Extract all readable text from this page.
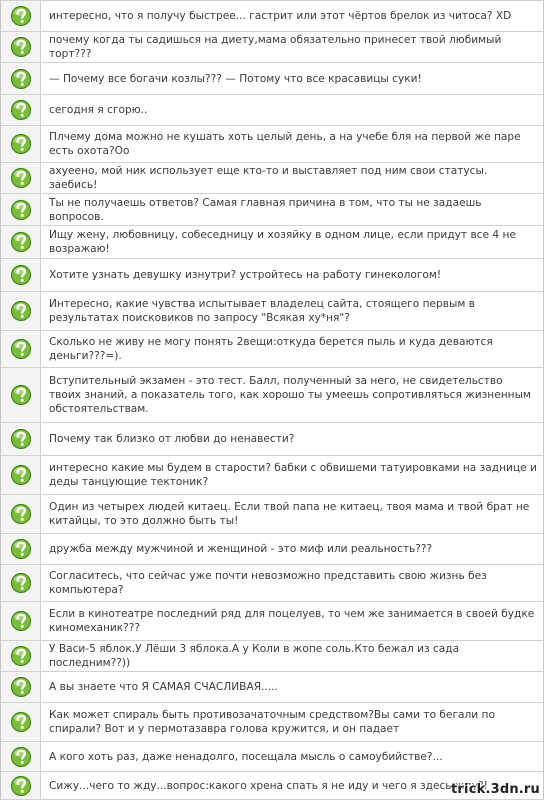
интересно, что я получу быстрее... гастрит или этот чёртов брелок из читоса? XD
почему когда ты садишься на диету,мама обязательно принесет твой любимый торт???
— Почему все богачи козлы??? — Потому что все красавицы суки!
сегодня я сгорю..
Плчему дома можно не кушать хоть целый день, а на учебе бля на первой же паре есть охота?Оо
ахуеено, мой ник использует еще кто-то и выставляет под ним свои статусы. заебись!
Ты не получаешь ответов? Самая главная причина в том, что ты не задаешь вопросов.
Ищу жену, любовницу, собеседницу и хозяйку в одном лице, если придут все 4 не возражаю!
Хотите узнать девушку изнутри? устройтесь на работу гинекологом!
Интересно, какие чувства испытывает владелец сайта, стоящего первым в результатах поисковиков по запросу "Всякая ху*ня"?
Сколько не живу не могу понять 2вещи:откуда берется пыль и куда деваются деньги???=).
Вступительный экзамен - это тест. Балл, полученный за него, не свидетельство твоих знаний, а показатель того, как хорошо ты умеешь сопротивляться жизненным обстоятельствам.
Почему так близко от любви до ненавести?
интересно какие мы будем в старости? бабки с обвишеми татуировками на заднице и деды танцующие тектоник?
Один из четырех людей китаец. Если твой папа не китаец, твоя мама и твой брат не китайцы, то это должно быть ты!
дружба между мужчиной и женщиной - это миф или реальность???
Согласитесь, что сейчас уже почти невозможно представить свою жизнь без компьютера?
Если в кинотеатре последний ряд для поцелуев, то чем же занимается в своей будке киномеханик???
У Васи-5 яблок.У Лёши 3 яблока.А у Коли в жопе соль.Кто бежал из сада последним??))
А вы знаете что Я САМАЯ СЧАСЛИВАЯ.....
Как может спираль быть противозачаточным средством?Вы сами то бегали по спирали? Вот и у пермотазавра голова кружится, и он падает
А кого хоть раз, даже ненадолго, посещала мысль о самоубийстве?...
Сижу...чего то жду...вопрос:какого хрена спать я не иду и чего я здесь жду?!
trick.3dn.ru
